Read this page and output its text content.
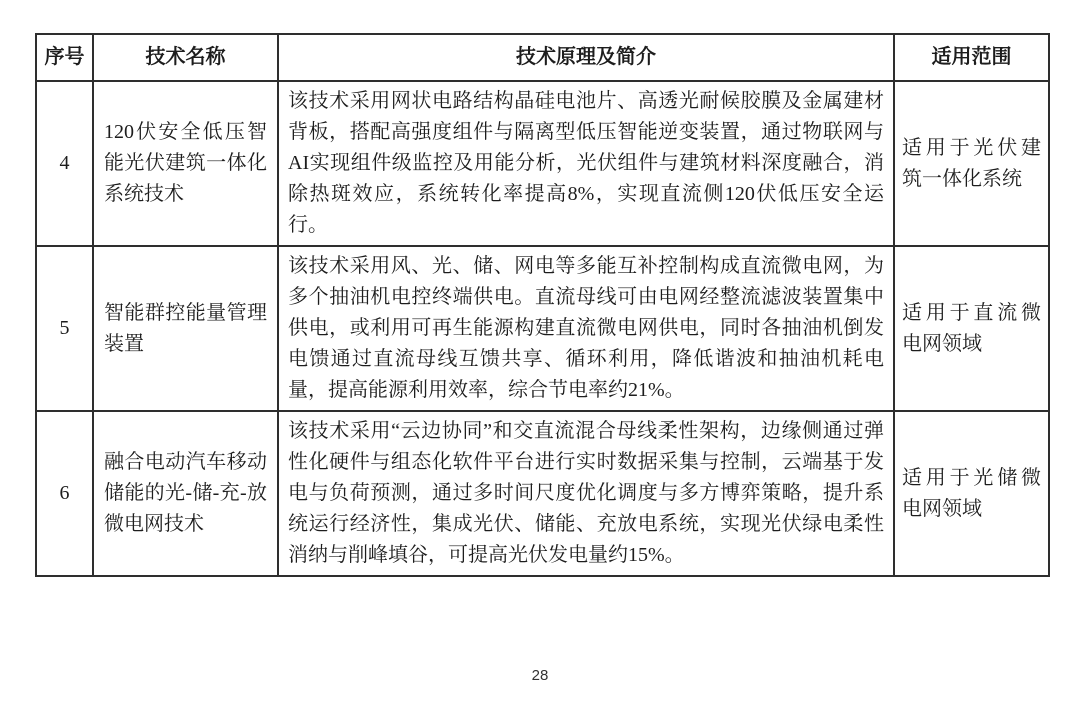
序号	技术名称	技术原理及简介	适用范围
4	120伏安全低压智能光伏建筑一体化系统技术	该技术采用网状电路结构晶硅电池片、高透光耐候胶膜及金属建材背板，搭配高强度组件与隔离型低压智能逆变装置，通过物联网与AI实现组件级监控及用能分析，光伏组件与建筑材料深度融合，消除热斑效应，系统转化率提高8%，实现直流侧120伏低压安全运行。	适用于光伏建筑一体化系统
5	智能群控能量管理装置	该技术采用风、光、储、网电等多能互补控制构成直流微电网，为多个抽油机电控终端供电。直流母线可由电网经整流滤波装置集中供电，或利用可再生能源构建直流微电网供电，同时各抽油机倒发电馈通过直流母线互馈共享、循环利用，降低谐波和抽油机耗电量，提高能源利用效率，综合节电率约21%。	适用于直流微电网领域
6	融合电动汽车移动储能的光-储-充-放微电网技术	该技术采用“云边协同”和交直流混合母线柔性架构，边缘侧通过弹性化硬件与组态化软件平台进行实时数据采集与控制，云端基于发电与负荷预测，通过多时间尺度优化调度与多方博弈策略，提升系统运行经济性，集成光伏、储能、充放电系统，实现光伏绿电柔性消纳与削峰填谷，可提高光伏发电量约15%。	适用于光储微电网领域
28
